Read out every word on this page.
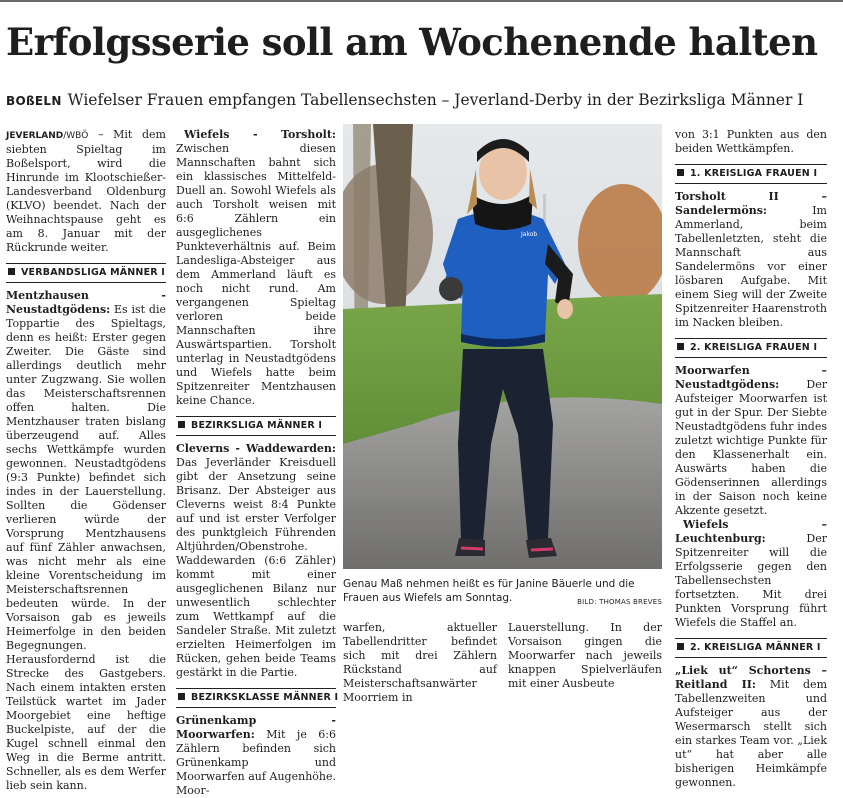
Erfolgsserie soll am Wochenende halten
BOßELN Wiefelser Frauen empfangen Tabellensechsten – Jeverland-Derby in der Bezirksliga Männer I

JEVERLAND/WBÖ – Mit dem siebten Spieltag im Boßelsport, wird die Hinrunde im Klootschießer-Landesverband Oldenburg (KLVO) beendet. Nach der Weihnachtspause geht es am 8. Januar mit der Rückrunde weiter.

VERBANDSLIGA MÄNNER I

Mentzhausen - Neustadtgödens: Es ist die Toppartie des Spieltags, denn es heißt: Erster gegen Zweiter. Die Gäste sind allerdings deutlich mehr unter Zugzwang. Sie wollen das Meisterschaftsrennen offen halten. Die Mentzhauser traten bislang überzeugend auf. Alles sechs Wettkämpfe wurden gewonnen. Neustadtgödens (9:3 Punkte) befindet sich indes in der Lauerstellung. Sollten die Gödenser verlieren würde der Vorsprung Mentzhausens auf fünf Zähler anwachsen, was nicht mehr als eine kleine Vorentscheidung im Meisterschaftsrennen bedeuten würde. In der Vorsaison gab es jeweils Heimerfolge in den beiden Begegnungen. Herausfordernd ist die Strecke des Gastgebers. Nach einem intakten ersten Teilstück wartet im Jader Moorgebiet eine heftige Buckelpiste, auf der die Kugel schnell einmal den Weg in die Berme antritt. Schneller, als es dem Werfer lieb sein kann.

Wiefels - Torsholt: Zwischen diesen Mannschaften bahnt sich ein klassisches Mittelfeld-Duell an. Sowohl Wiefels als auch Torsholt weisen mit 6:6 Zählern ein ausgeglichenes Punkteverhältnis auf. Beim Landesliga-Absteiger aus dem Ammerland läuft es noch nicht rund. Am vergangenen Spieltag verloren beide Mannschaften ihre Auswärtspartien. Torsholt unterlag in Neustadtgödens und Wiefels hatte beim Spitzenreiter Mentzhausen keine Chance.

BEZIRKSLIGA MÄNNER I

Cleverns - Waddewarden: Das Jeverländer Kreisduell gibt der Ansetzung seine Brisanz. Der Absteiger aus Cleverns weist 8:4 Punkte auf und ist erster Verfolger des punktgleich Führenden Altjührden/Obenstrohe. Waddewarden (6:6 Zähler) kommt mit einer ausgeglichenen Bilanz nur unwesentlich schlechter zum Wettkampf auf die Sandeler Straße. Mit zuletzt erzielten Heimerfolgen im Rücken, gehen beide Teams gestärkt in die Partie.

BEZIRKSKLASSE MÄNNER I

Grünenkamp - Moorwarfen: Mit je 6:6 Zählern befinden sich Grünenkamp und Moorwarfen auf Augenhöhe. Moor-

Jakob
Genau Maß nehmen heißt es für Janine Bäuerle und die Frauen aus Wiefels am Sonntag.	BILD: THOMAS BREVES

warfen, aktueller Tabellendritter befindet sich mit drei Zählern Rückstand auf Meisterschaftsanwärter Moorriem in

Lauerstellung. In der Vorsaison gingen die Moorwarfer nach jeweils knappen Spielverläufen mit einer Ausbeute

von 3:1 Punkten aus den beiden Wettkämpfen.

1. KREISLIGA FRAUEN I

Torsholt II – Sandelermöns: Im Ammerland, beim Tabellenletzten, steht die Mannschaft aus Sandelermöns vor einer lösbaren Aufgabe. Mit einem Sieg will der Zweite Spitzenreiter Haarenstroth im Nacken bleiben.

2. KREISLIGA FRAUEN I

Moorwarfen – Neustadtgödens: Der Aufsteiger Moorwarfen ist gut in der Spur. Der Siebte Neustadtgödens fuhr indes zuletzt wichtige Punkte für den Klassenerhalt ein. Auswärts haben die Gödenserinnen allerdings in der Saison noch keine Akzente gesetzt.

Wiefels – Leuchtenburg: Der Spitzenreiter will die Erfolgsserie gegen den Tabellensechsten fortsetzten. Mit drei Punkten Vorsprung führt Wiefels die Staffel an.

2. KREISLIGA MÄNNER I

„Liek ut“ Schortens – Reitland II: Mit dem Tabellenzweiten und Aufsteiger aus der Wesermarsch stellt sich ein starkes Team vor. „Liek ut“ hat aber alle bisherigen Heimkämpfe gewonnen.
